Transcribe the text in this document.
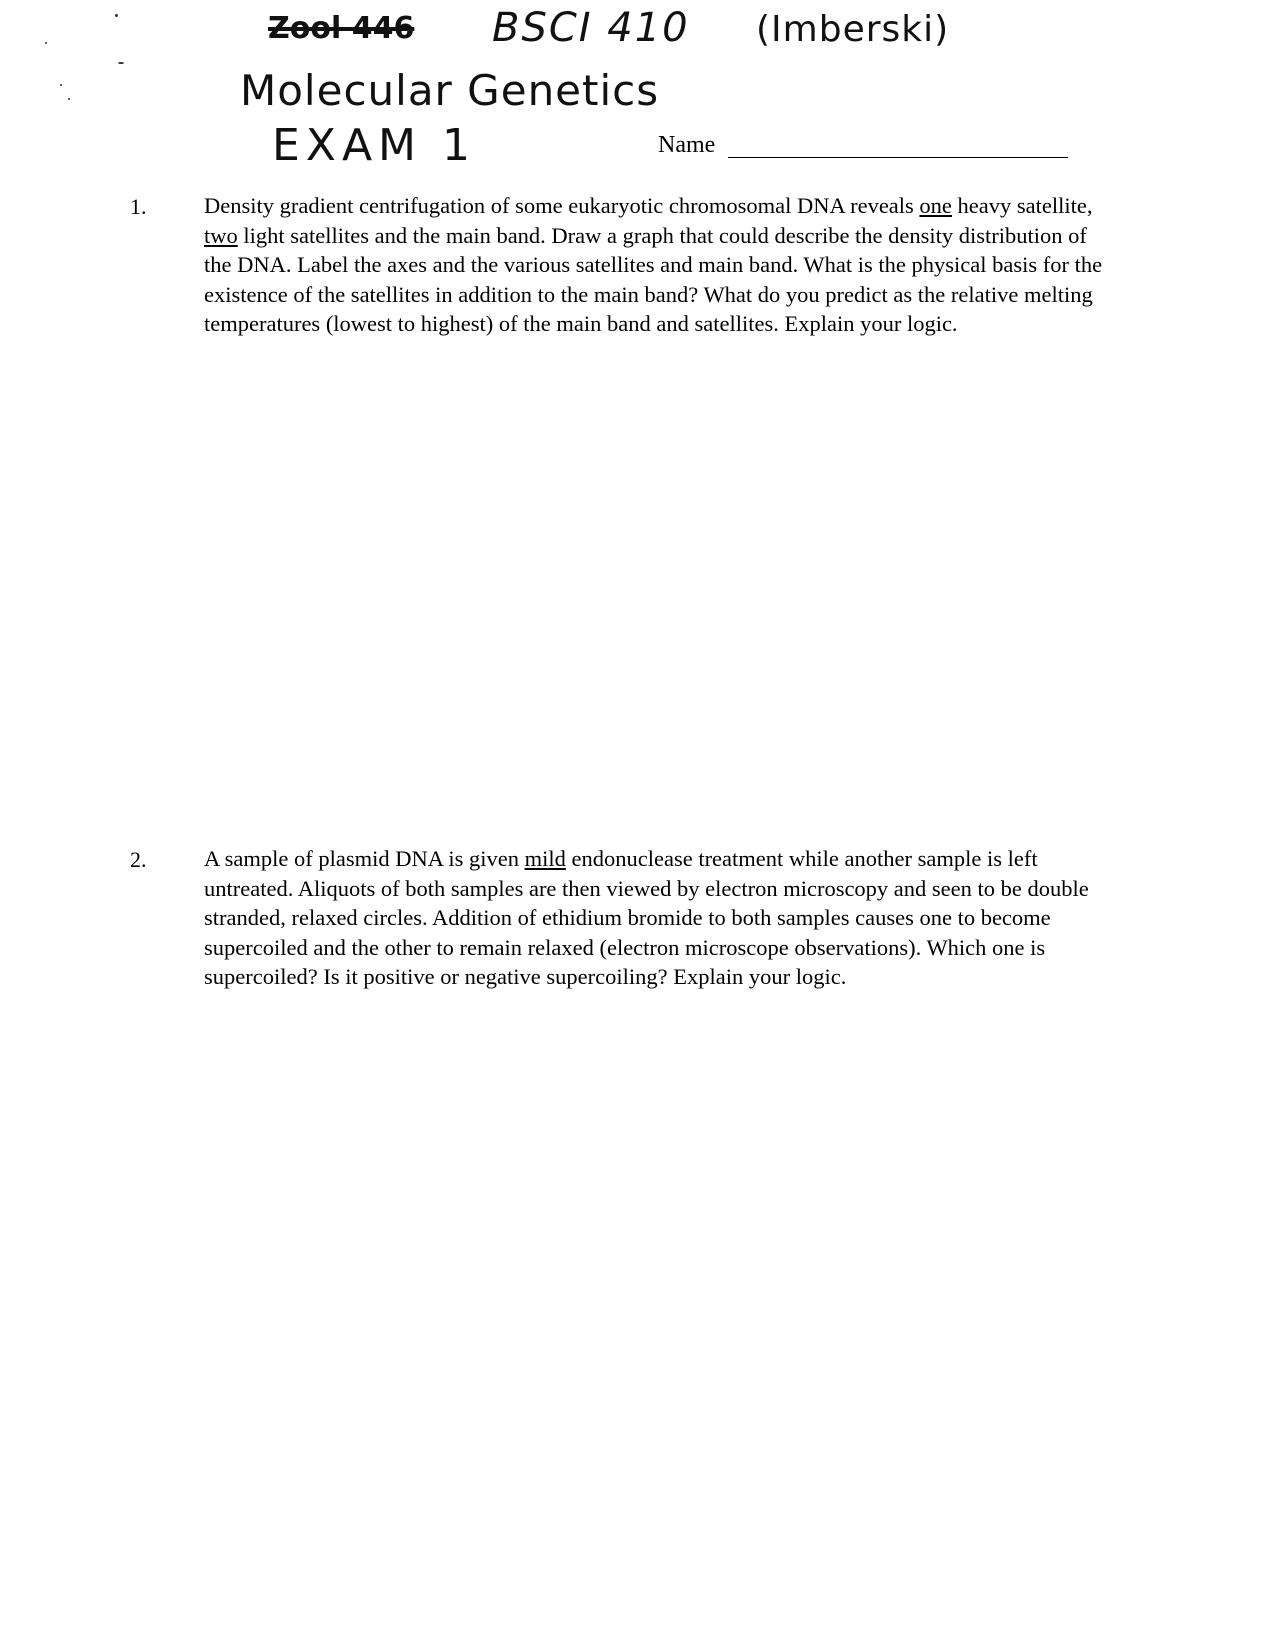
Zool 446 BSCI 410 (Imberski)
Molecular Genetics
EXAM 1	Name
1.	Density gradient centrifugation of some eukaryotic chromosomal DNA reveals one heavy satellite, two light satellites and the main band. Draw a graph that could describe the density distribution of the DNA. Label the axes and the various satellites and main band. What is the physical basis for the existence of the satellites in addition to the main band? What do you predict as the relative melting temperatures (lowest to highest) of the main band and satellites. Explain your logic.

2.	A sample of plasmid DNA is given mild endonuclease treatment while another sample is left untreated. Aliquots of both samples are then viewed by electron microscopy and seen to be double stranded, relaxed circles. Addition of ethidium bromide to both samples causes one to become supercoiled and the other to remain relaxed (electron microscope observations). Which one is supercoiled? Is it positive or negative supercoiling? Explain your logic.
